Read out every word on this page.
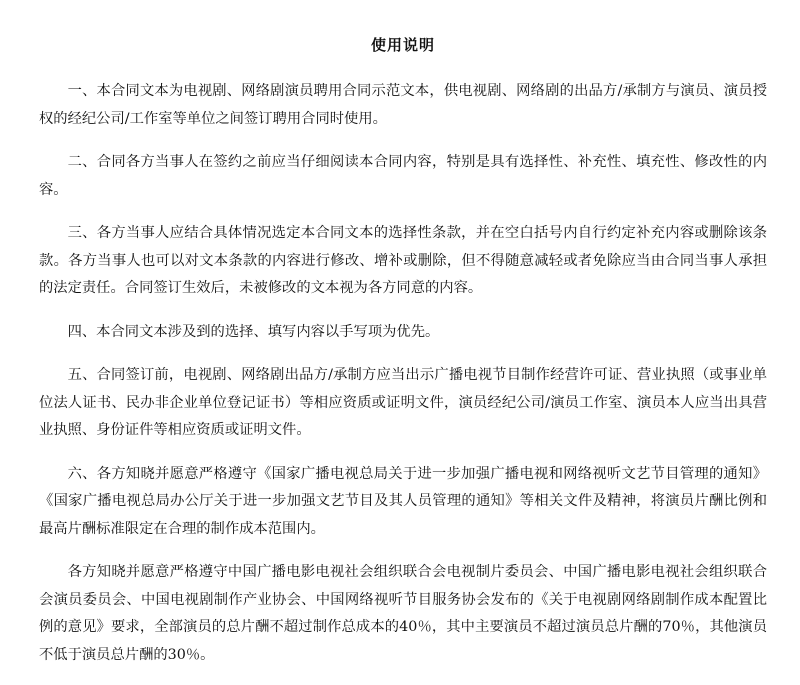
使用说明

一、本合同文本为电视剧、网络剧演员聘用合同示范文本，供电视剧、网络剧的出品方/承制方与演员、演员授权的经纪公司/工作室等单位之间签订聘用合同时使用。

二、合同各方当事人在签约之前应当仔细阅读本合同内容，特别是具有选择性、补充性、填充性、修改性的内容。

三、各方当事人应结合具体情况选定本合同文本的选择性条款，并在空白括号内自行约定补充内容或删除该条款。各方当事人也可以对文本条款的内容进行修改、增补或删除，但不得随意减轻或者免除应当由合同当事人承担的法定责任。合同签订生效后，未被修改的文本视为各方同意的内容。

四、本合同文本涉及到的选择、填写内容以手写项为优先。

五、合同签订前，电视剧、网络剧出品方/承制方应当出示广播电视节目制作经营许可证、营业执照（或事业单位法人证书、民办非企业单位登记证书）等相应资质或证明文件，演员经纪公司/演员工作室、演员本人应当出具营业执照、身份证件等相应资质或证明文件。

六、各方知晓并愿意严格遵守《国家广播电视总局关于进一步加强广播电视和网络视听文艺节目管理的通知》《国家广播电视总局办公厅关于进一步加强文艺节目及其人员管理的通知》等相关文件及精神，将演员片酬比例和最高片酬标准限定在合理的制作成本范围内。

各方知晓并愿意严格遵守中国广播电影电视社会组织联合会电视制片委员会、中国广播电影电视社会组织联合会演员委员会、中国电视剧制作产业协会、中国网络视听节目服务协会发布的《关于电视剧网络剧制作成本配置比例的意见》要求，全部演员的总片酬不超过制作总成本的40％，其中主要演员不超过演员总片酬的70％，其他演员不低于演员总片酬的30％。
